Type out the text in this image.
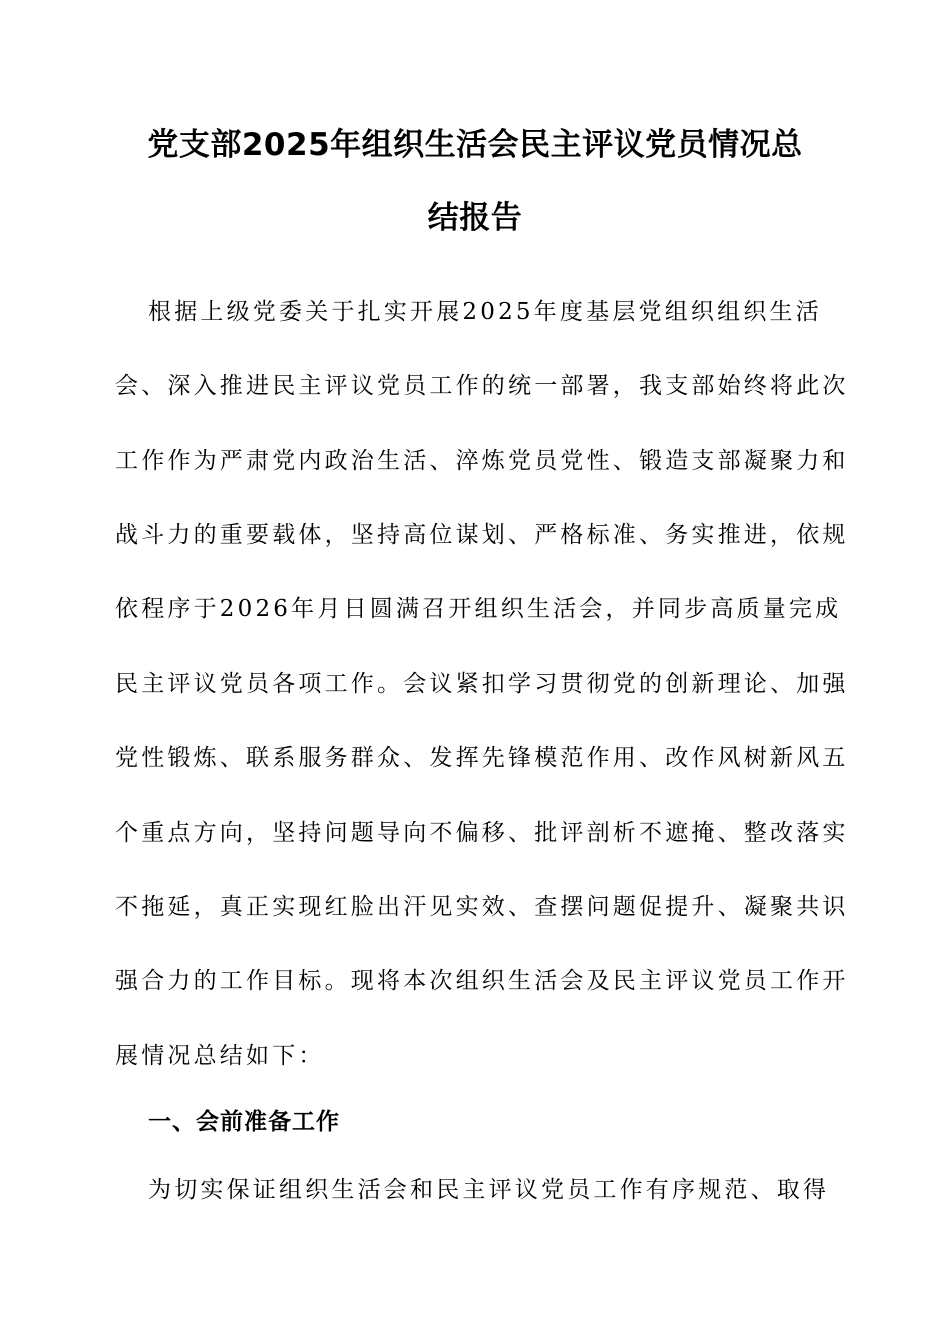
党支部2025年组织生活会民主评议党员情况总
结报告
根据上级党委关于扎实开展2025年度基层党组织组织生活
会、深入推进民主评议党员工作的统一部署，我支部始终将此次
工作作为严肃党内政治生活、淬炼党员党性、锻造支部凝聚力和
战斗力的重要载体，坚持高位谋划、严格标准、务实推进，依规
依程序于2026年月日圆满召开组织生活会，并同步高质量完成
民主评议党员各项工作。会议紧扣学习贯彻党的创新理论、加强
党性锻炼、联系服务群众、发挥先锋模范作用、改作风树新风五
个重点方向，坚持问题导向不偏移、批评剖析不遮掩、整改落实
不拖延，真正实现红脸出汗见实效、查摆问题促提升、凝聚共识
强合力的工作目标。现将本次组织生活会及民主评议党员工作开
展情况总结如下：
一、会前准备工作
为切实保证组织生活会和民主评议党员工作有序规范、取得
